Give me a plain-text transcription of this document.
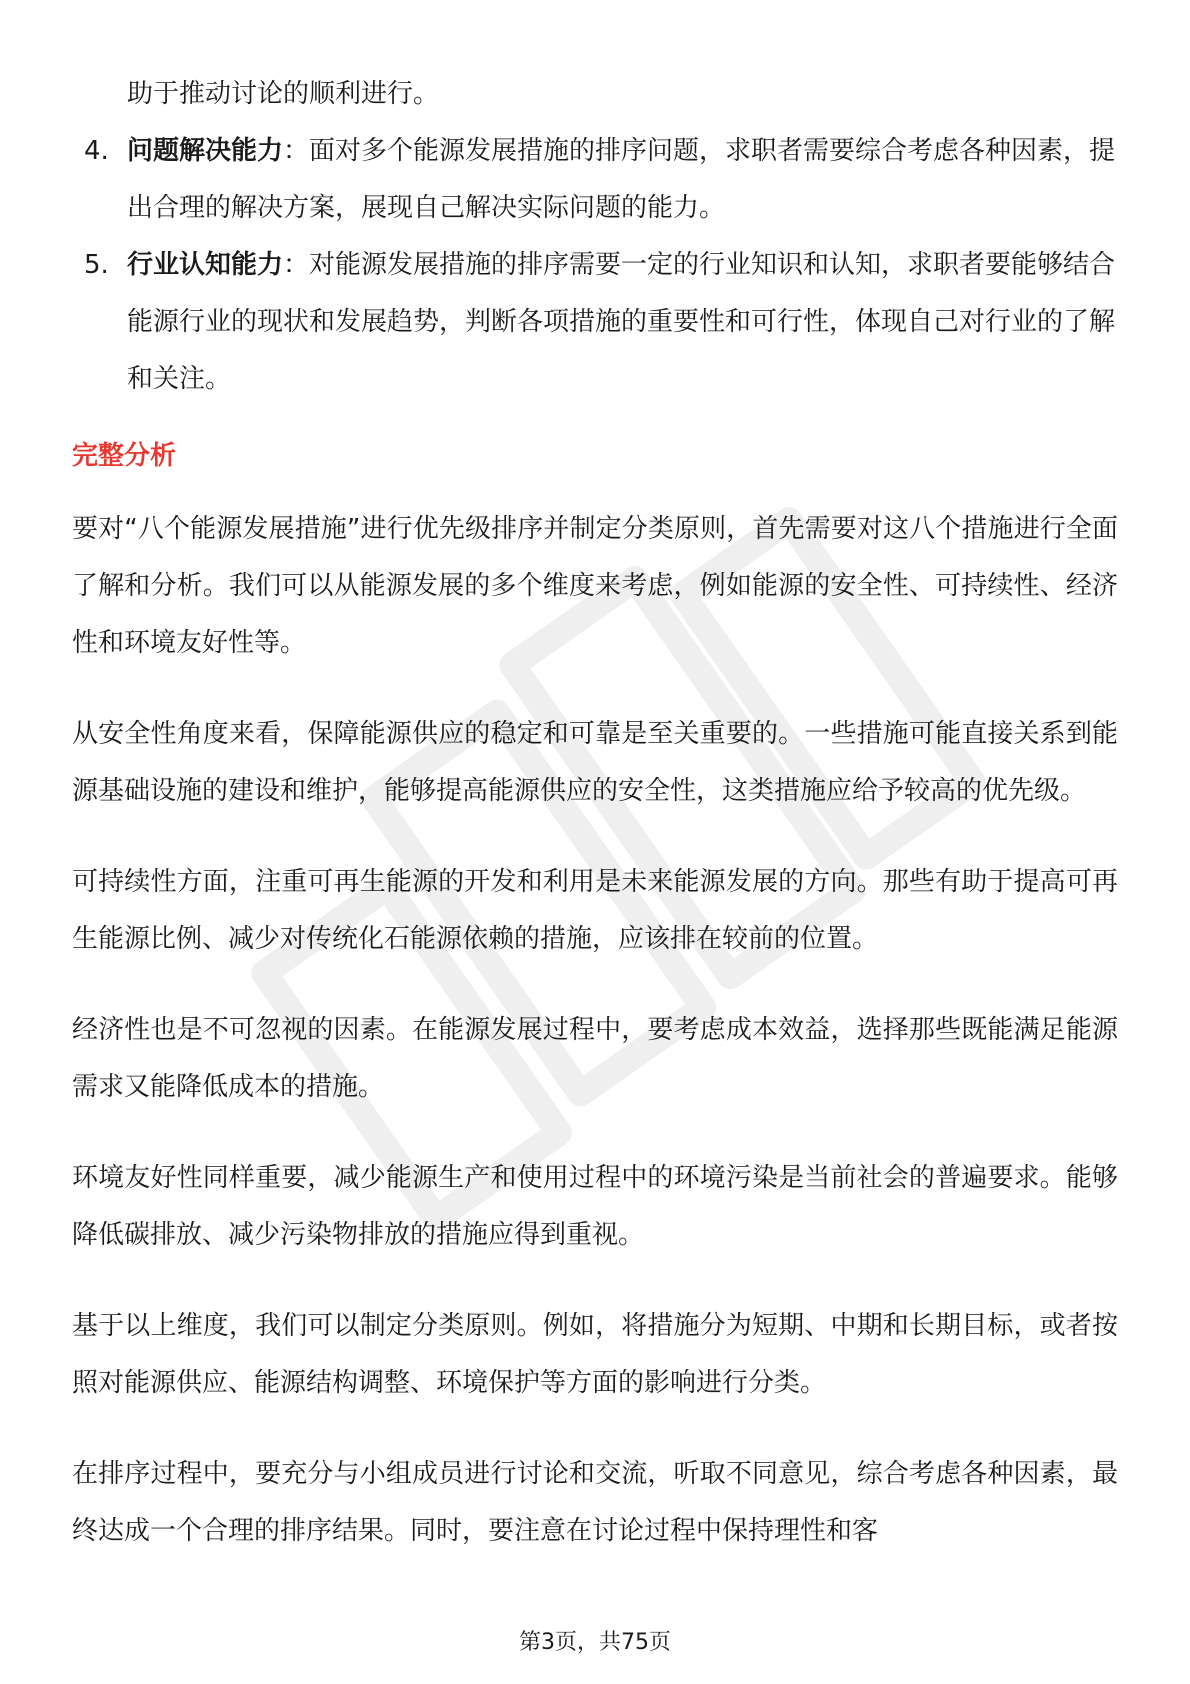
助于推动讨论的顺利进行。

4. 问题解决能力：面对多个能源发展措施的排序问题，求职者需要综合考虑各种因素，提出合理的解决方案，展现自己解决实际问题的能力。
5. 行业认知能力：对能源发展措施的排序需要一定的行业知识和认知，求职者要能够结合能源行业的现状和发展趋势，判断各项措施的重要性和可行性，体现自己对行业的了解和关注。
完整分析

要对“八个能源发展措施”进行优先级排序并制定分类原则，首先需要对这八个措施进行全面了解和分析。我们可以从能源发展的多个维度来考虑，例如能源的安全性、可持续性、经济性和环境友好性等。

从安全性角度来看，保障能源供应的稳定和可靠是至关重要的。一些措施可能直接关系到能源基础设施的建设和维护，能够提高能源供应的安全性，这类措施应给予较高的优先级。

可持续性方面，注重可再生能源的开发和利用是未来能源发展的方向。那些有助于提高可再生能源比例、减少对传统化石能源依赖的措施，应该排在较前的位置。

经济性也是不可忽视的因素。在能源发展过程中，要考虑成本效益，选择那些既能满足能源需求又能降低成本的措施。

环境友好性同样重要，减少能源生产和使用过程中的环境污染是当前社会的普遍要求。能够降低碳排放、减少污染物排放的措施应得到重视。

基于以上维度，我们可以制定分类原则。例如，将措施分为短期、中期和长期目标，或者按照对能源供应、能源结构调整、环境保护等方面的影响进行分类。

在排序过程中，要充分与小组成员进行讨论和交流，听取不同意见，综合考虑各种因素，最终达成一个合理的排序结果。同时，要注意在讨论过程中保持理性和客

第3页，共75页
